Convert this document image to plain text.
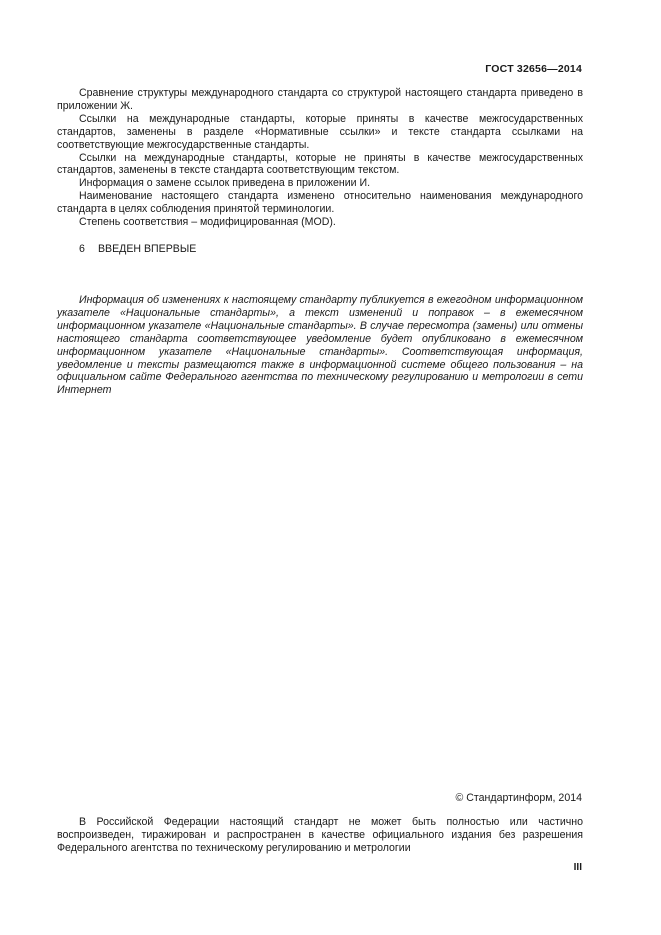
ГОСТ 32656—2014

Сравнение структуры международного стандарта со структурой настоящего стандарта приведено в приложении Ж.

Ссылки на международные стандарты, которые приняты в качестве межгосударственных стандартов, заменены в разделе «Нормативные ссылки» и тексте стандарта ссылками на соответствующие межгосударственные стандарты.

Ссылки на международные стандарты, которые не приняты в качестве межгосударственных стандартов, заменены в тексте стандарта соответствующим текстом.

Информация о замене ссылок приведена в приложении И.

Наименование настоящего стандарта изменено относительно наименования международного стандарта в целях соблюдения принятой терминологии.

Степень соответствия – модифицированная (MOD).

6 ВВЕДЕН ВПЕРВЫЕ

Информация об изменениях к настоящему стандарту публикуется в ежегодном информационном указателе «Национальные стандарты», а текст изменений и поправок – в ежемесячном информационном указателе «Национальные стандарты». В случае пересмотра (замены) или отмены настоящего стандарта соответствующее уведомление будет опубликовано в ежемесячном информационном указателе «Национальные стандарты». Соответствующая информация, уведомление и тексты размещаются также в информационной системе общего пользования – на официальном сайте Федерального агентства по техническому регулированию и метрологии в сети Интернет

© Стандартинформ, 2014

В Российской Федерации настоящий стандарт не может быть полностью или частично воспроизведен, тиражирован и распространен в качестве официального издания без разрешения Федерального агентства по техническому регулированию и метрологии

III
